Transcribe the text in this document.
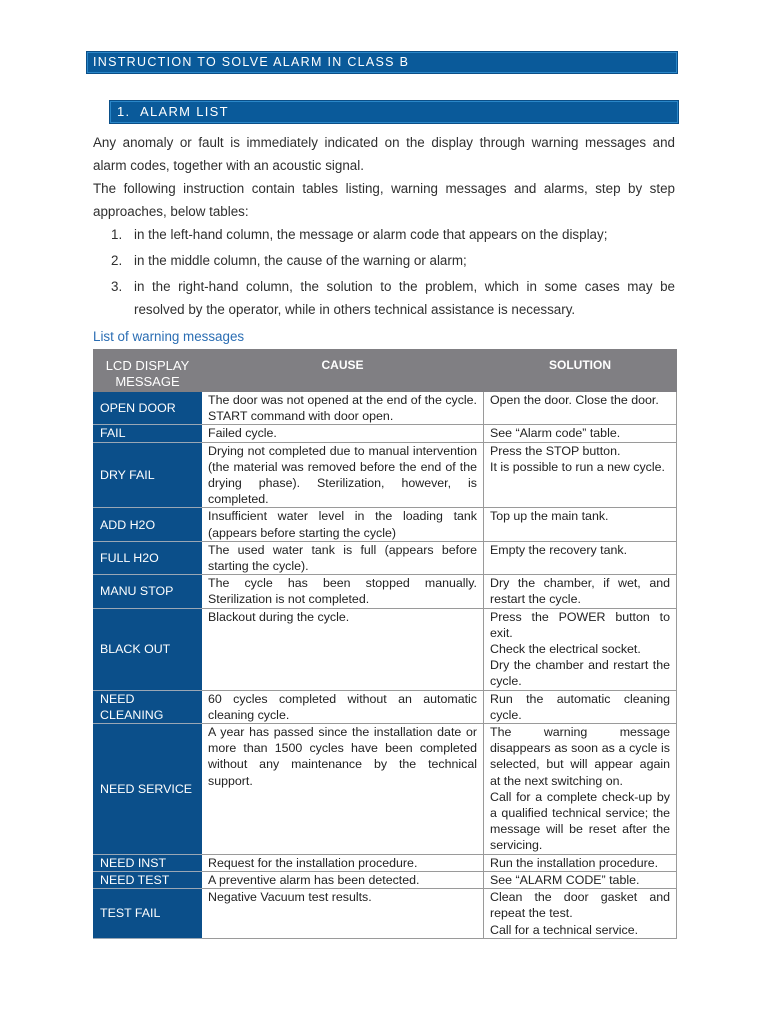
INSTRUCTION TO SOLVE ALARM IN CLASS B
1. ALARM LIST

Any anomaly or fault is immediately indicated on the display through warning messages and alarm codes, together with an acoustic signal.

The following instruction contain tables listing, warning messages and alarms, step by step approaches, below tables:

1. in the left-hand column, the message or alarm code that appears on the display;
2. in the middle column, the cause of the warning or alarm;
3. in the right-hand column, the solution to the problem, which in some cases may be resolved by the operator, while in others technical assistance is necessary.
List of warning messages
LCD DISPLAY MESSAGE	CAUSE	SOLUTION
OPEN DOOR	The door was not opened at the end of the cycle. START command with door open.	Open the door. Close the door.

FAIL	Failed cycle.	See “Alarm code” table.

DRY FAIL	Drying not completed due to manual intervention (the material was removed before the end of the drying phase). Sterilization, however, is completed.	Press the STOP button.
It is possible to run a new cycle.

ADD H2O	Insufficient water level in the loading tank (appears before starting the cycle)	Top up the main tank.

FULL H2O	The used water tank is full (appears before starting the cycle).	Empty the recovery tank.

MANU STOP	The cycle has been stopped manually. Sterilization is not completed.	Dry the chamber, if wet, and restart the cycle.

BLACK OUT	Blackout during the cycle.	Press the POWER button to exit.
Check the electrical socket.
Dry the chamber and restart the cycle.

NEED CLEANING	60 cycles completed without an automatic cleaning cycle.	Run the automatic cleaning cycle.

NEED SERVICE	A year has passed since the installation date or more than 1500 cycles have been completed without any maintenance by the technical support.	The warning message disappears as soon as a cycle is selected, but will appear again at the next switching on.
Call for a complete check-up by a qualified technical service; the message will be reset after the servicing.

NEED INST	Request for the installation procedure.	Run the installation procedure.

NEED TEST	A preventive alarm has been detected.	See “ALARM CODE” table.

TEST FAIL	Negative Vacuum test results.	Clean the door gasket and repeat the test.
Call for a technical service.
